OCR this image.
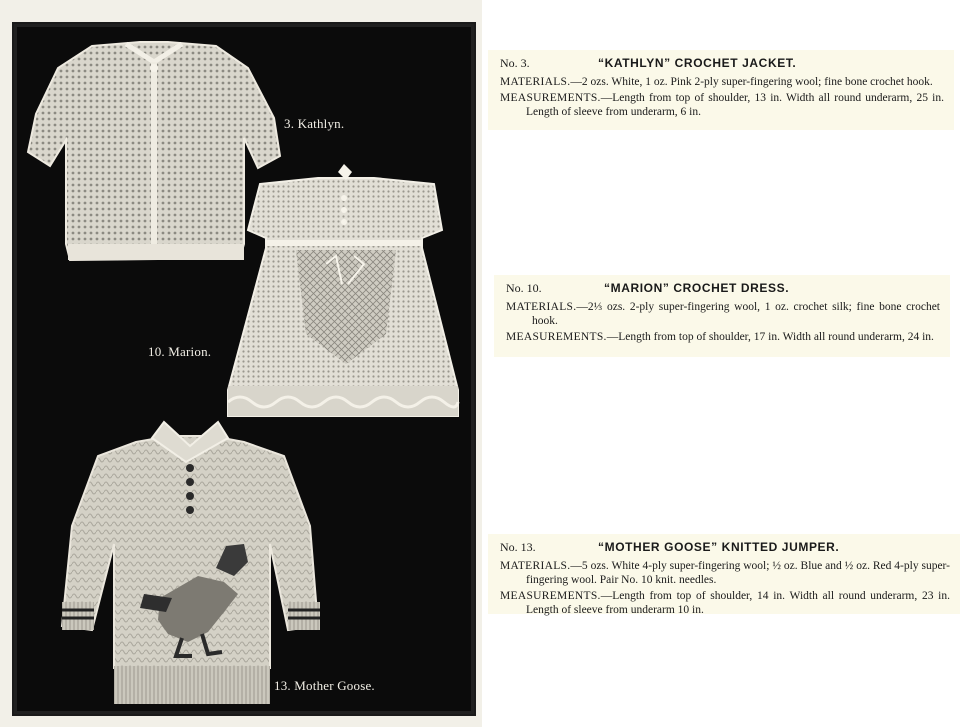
3. Kathlyn.
10. Marion.
13. Mother Goose.
No. 3.	“KATHLYN” CROCHET JACKET.

MATERIALS.—2 ozs. White, 1 oz. Pink 2-ply super-fingering wool; fine bone crochet hook.

MEASUREMENTS.—Length from top of shoulder, 13 in. Width all round underarm, 25 in. Length of sleeve from underarm, 6 in.

No. 10.	“MARION” CROCHET DRESS.

MATERIALS.—2⅓ ozs. 2-ply super-fingering wool, 1 oz. crochet silk; fine bone crochet hook.

MEASUREMENTS.—Length from top of shoulder, 17 in. Width all round underarm, 24 in.

No. 13.	“MOTHER GOOSE” KNITTED JUMPER.

MATERIALS.—5 ozs. White 4-ply super-fingering wool; ½ oz. Blue and ½ oz. Red 4-ply super-fingering wool. Pair No. 10 knit. needles.

MEASUREMENTS.—Length from top of shoulder, 14 in. Width all round underarm, 23 in. Length of sleeve from underarm 10 in.
